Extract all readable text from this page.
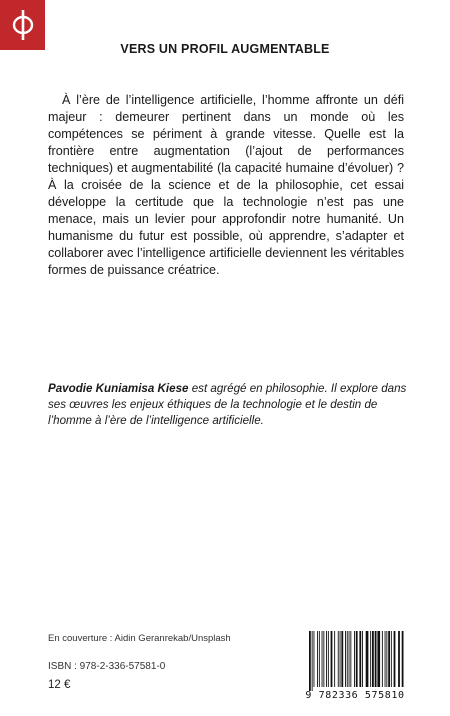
VERS UN PROFIL AUGMENTABLE

À l’ère de l’intelligence artificielle, l’homme affronte un défi majeur : demeurer pertinent dans un monde où les compétences se périment à grande vitesse. Quelle est la frontière entre augmentation (l’ajout de performances techniques) et augmentabilité (la capacité humaine d’évoluer) ? À la croisée de la science et de la philosophie, cet essai développe la certitude que la technologie n’est pas une menace, mais un levier pour approfondir notre humanité. Un humanisme du futur est possible, où apprendre, s’adapter et collaborer avec l’intelligence artificielle deviennent les véritables formes de puissance créatrice.

Pavodie Kuniamisa Kiese est agrégé en philosophie. Il explore dans ses œuvres les enjeux éthiques de la technologie et le destin de l’homme à l’ère de l’intelligence artificielle.

En couverture : Aidin Geranrekab/Unsplash
ISBN : 978-2-336-57581-0
12 €
9 782336 575810
